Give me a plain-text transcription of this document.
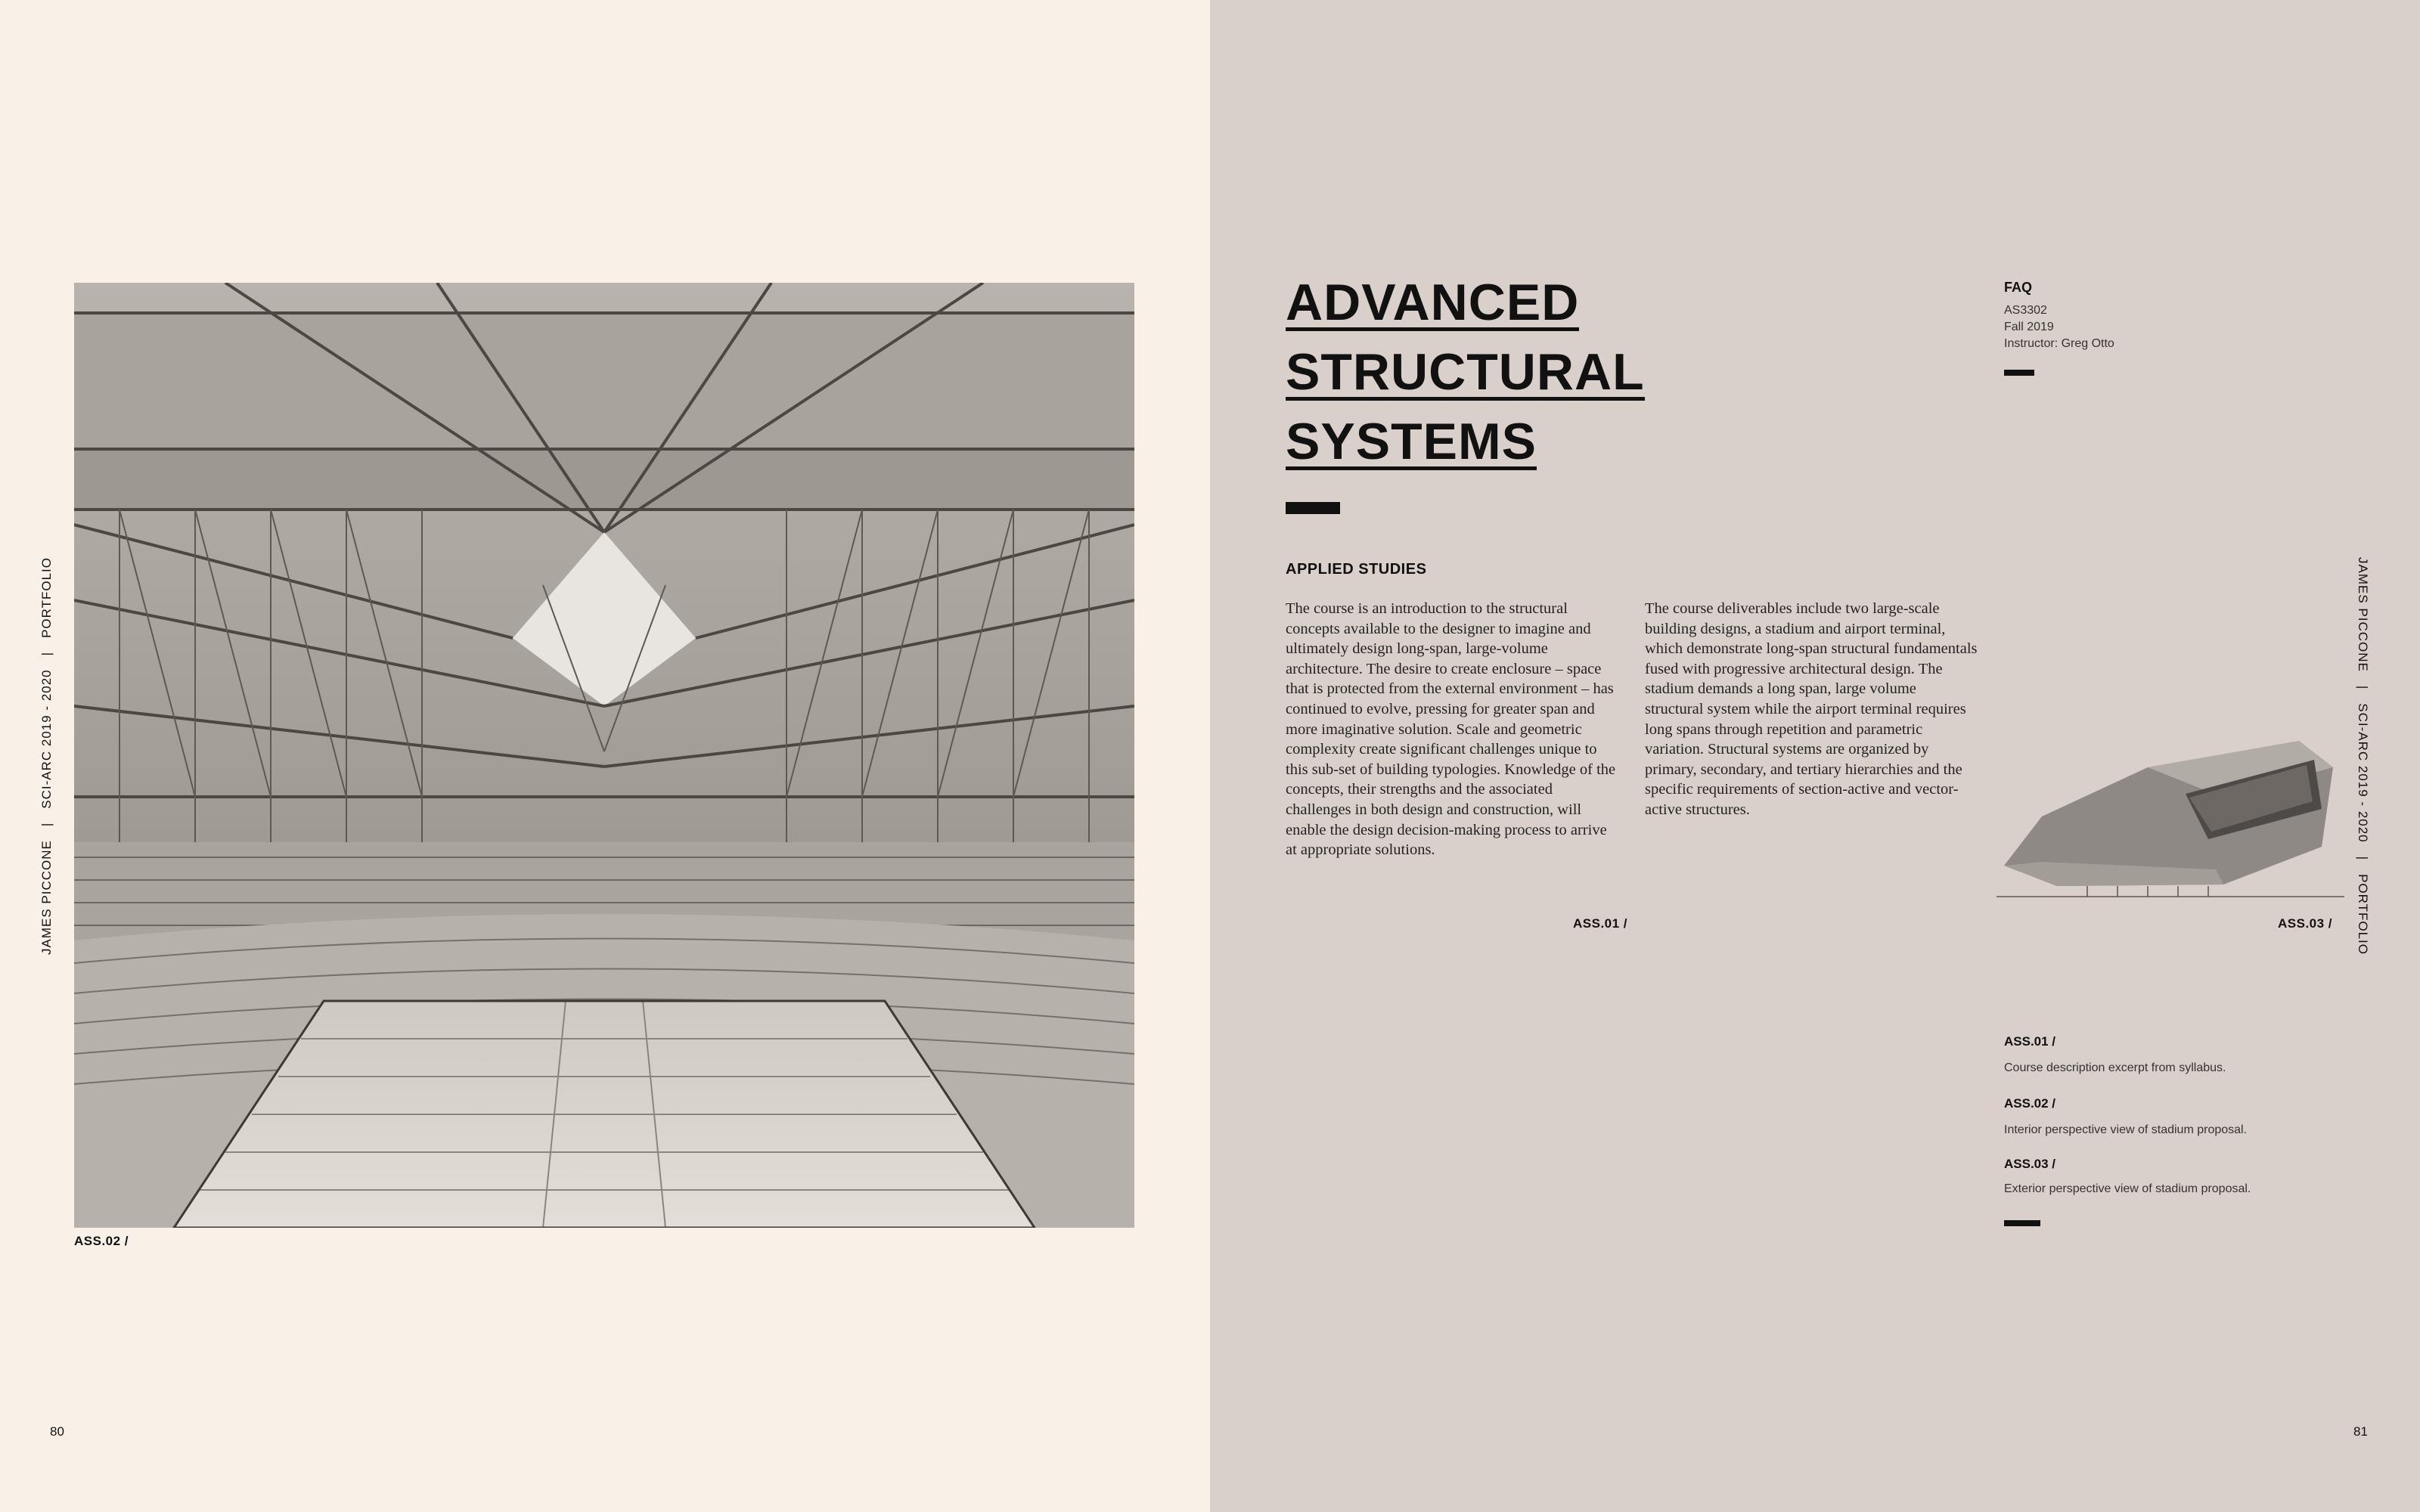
JAMES PICCONE|SCI-ARC 2019 - 2020|PORTFOLIO
ASS.02 /
80
ADVANCED
STRUCTURAL
SYSTEMS
APPLIED STUDIES
The course is an introduction to the structural concepts available to the designer to imagine and ultimately design long-span, large-volume architecture. The desire to create enclosure – space that is protected from the external environment – has continued to evolve, pressing for greater span and more imaginative solution. Scale and geometric complexity create significant challenges unique to this sub-set of building typologies. Knowledge of the concepts, their strengths and the associated challenges in both design and construction, will enable the design decision-making process to arrive at appropriate solutions.
The course deliverables include two large-scale building designs, a stadium and airport terminal, which demonstrate long-span structural fundamentals fused with progressive architectural design. The stadium demands a long span, large volume structural system while the airport terminal requires long spans through repetition and parametric variation. Structural systems are organized by primary, secondary, and tertiary hierarchies and the specific requirements of section-active and vector-active structures.
ASS.01 /
FAQ
AS3302
Fall 2019
Instructor: Greg Otto
ASS.03 /
ASS.01 /
Course description excerpt from syllabus.
ASS.02 /
Interior perspective view of stadium proposal.
ASS.03 /
Exterior perspective view of stadium proposal.
JAMES PICCONE|SCI-ARC 2019 - 2020|PORTFOLIO
81
